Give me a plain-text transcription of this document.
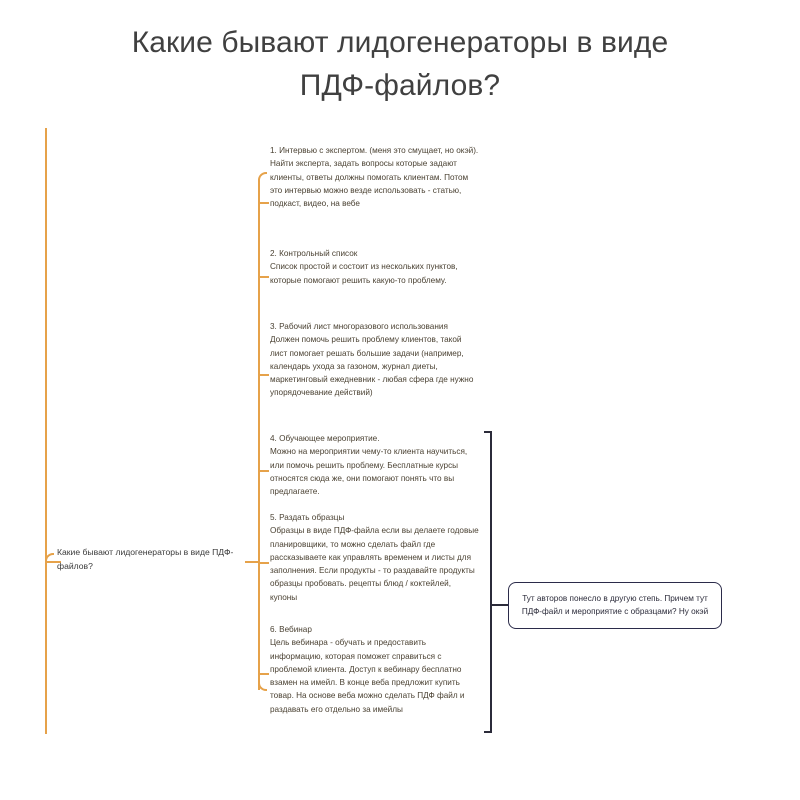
Какие бывают лидогенераторы в виде
ПДФ-файлов?
Какие бывают лидогенераторы в виде ПДФ-файлов?
1. Интервью с экспертом. (меня это смущает, но окэй).
Найти эксперта, задать вопросы которые задают клиенты, ответы должны помогать клиентам. Потом это интервью можно везде использовать - статью, подкаст, видео, на вебе
2. Контрольный список
Список простой и состоит из нескольких пунктов, которые помогают решить какую-то проблему.
3. Рабочий лист многоразового использования
Должен помочь решить проблему клиентов, такой лист помогает решать большие задачи (например, календарь ухода за газоном, журнал диеты, маркетинговый ежедневник - любая сфера где нужно упорядочевание действий)
4. Обучающее мероприятие.
Можно на мероприятии чему-то клиента научиться, или помочь решить проблему. Бесплатные курсы относятся сюда же, они помогают понять что вы предлагаете.
5. Раздать образцы
Образцы в виде ПДФ-файла если вы делаете годовые планировщики, то можно сделать файл где рассказываете как управлять временем и листы для заполнения. Если продукты - то раздавайте продукты образцы пробовать. рецепты блюд / коктейлей, купоны
6. Вебинар
Цель вебинара - обучать и предоставить информацию, которая поможет справиться с проблемой клиента. Доступ к вебинару бесплатно взамен на имейл. В конце веба предложит купить товар. На основе веба можно сделать ПДФ файл и раздавать его отдельно за имейлы
Тут авторов понесло в другую степь. Причем тут ПДФ-файл и мероприятие с образцами? Ну окэй
